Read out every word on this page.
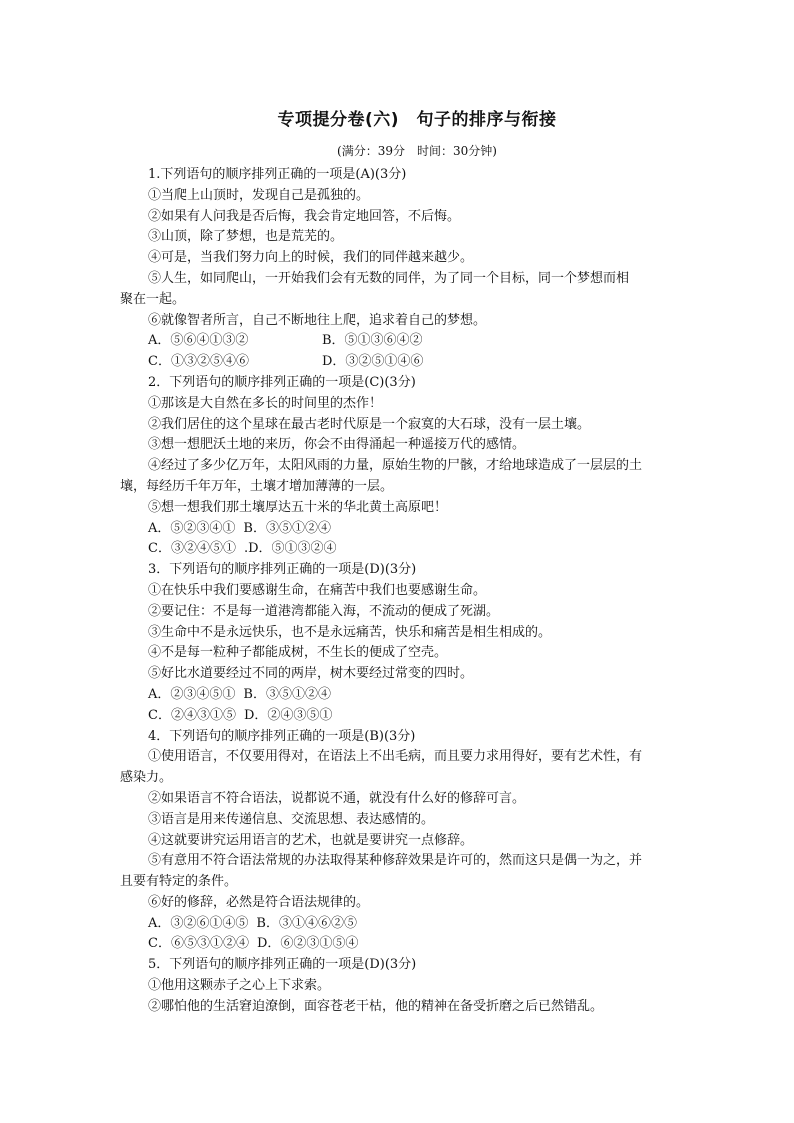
专项提分卷(六)　句子的排序与衔接
(满分：39分　时间：30分钟)

1.下列语句的顺序排列正确的一项是(A)(3分)

①当爬上山顶时，发现自己是孤独的。

②如果有人问我是否后悔，我会肯定地回答，不后悔。

③山顶，除了梦想，也是荒芜的。

④可是，当我们努力向上的时候，我们的同伴越来越少。

⑤人生，如同爬山，一开始我们会有无数的同伴，为了同一个目标，同一个梦想而相

聚在一起。

⑥就像智者所言，自己不断地往上爬，追求着自己的梦想。

A．⑤⑥④①③②	B．⑤①③⑥④②
C．①③②⑤④⑥	D．③②⑤①④⑥

2．下列语句的顺序排列正确的一项是(C)(3分)

①那该是大自然在多长的时间里的杰作！

②我们居住的这个星球在最古老时代原是一个寂寞的大石球，没有一层土壤。

③想一想肥沃土地的来历，你会不由得涌起一种遥接万代的感情。

④经过了多少亿万年，太阳风雨的力量，原始生物的尸骸，才给地球造成了一层层的土

壤，每经历千年万年，土壤才增加薄薄的一层。

⑤想一想我们那土壤厚达五十米的华北黄土高原吧！

A．⑤②③④① B．③⑤①②④
C．③②④⑤① .D．⑤①③②④

3．下列语句的顺序排列正确的一项是(D)(3分)

①在快乐中我们要感谢生命，在痛苦中我们也要感谢生命。

②要记住：不是每一道港湾都能入海，不流动的便成了死湖。

③生命中不是永远快乐，也不是永远痛苦，快乐和痛苦是相生相成的。

④不是每一粒种子都能成树，不生长的便成了空壳。

⑤好比水道要经过不同的两岸，树木要经过常变的四时。

A．②③④⑤① B．③⑤①②④
C．②④③①⑤ D．②④③⑤①

4．下列语句的顺序排列正确的一项是(B)(3分)

①使用语言，不仅要用得对，在语法上不出毛病，而且要力求用得好，要有艺术性，有

感染力。

②如果语言不符合语法，说都说不通，就没有什么好的修辞可言。

③语言是用来传递信息、交流思想、表达感情的。

④这就要讲究运用语言的艺术，也就是要讲究一点修辞。

⑤有意用不符合语法常规的办法取得某种修辞效果是许可的，然而这只是偶一为之，并

且要有特定的条件。

⑥好的修辞，必然是符合语法规律的。

A．③②⑥①④⑤ B．③①④⑥②⑤
C．⑥⑤③①②④ D．⑥②③①⑤④

5．下列语句的顺序排列正确的一项是(D)(3分)

①他用这颗赤子之心上下求索。

②哪怕他的生活窘迫潦倒，面容苍老干枯，他的精神在备受折磨之后已然错乱。
